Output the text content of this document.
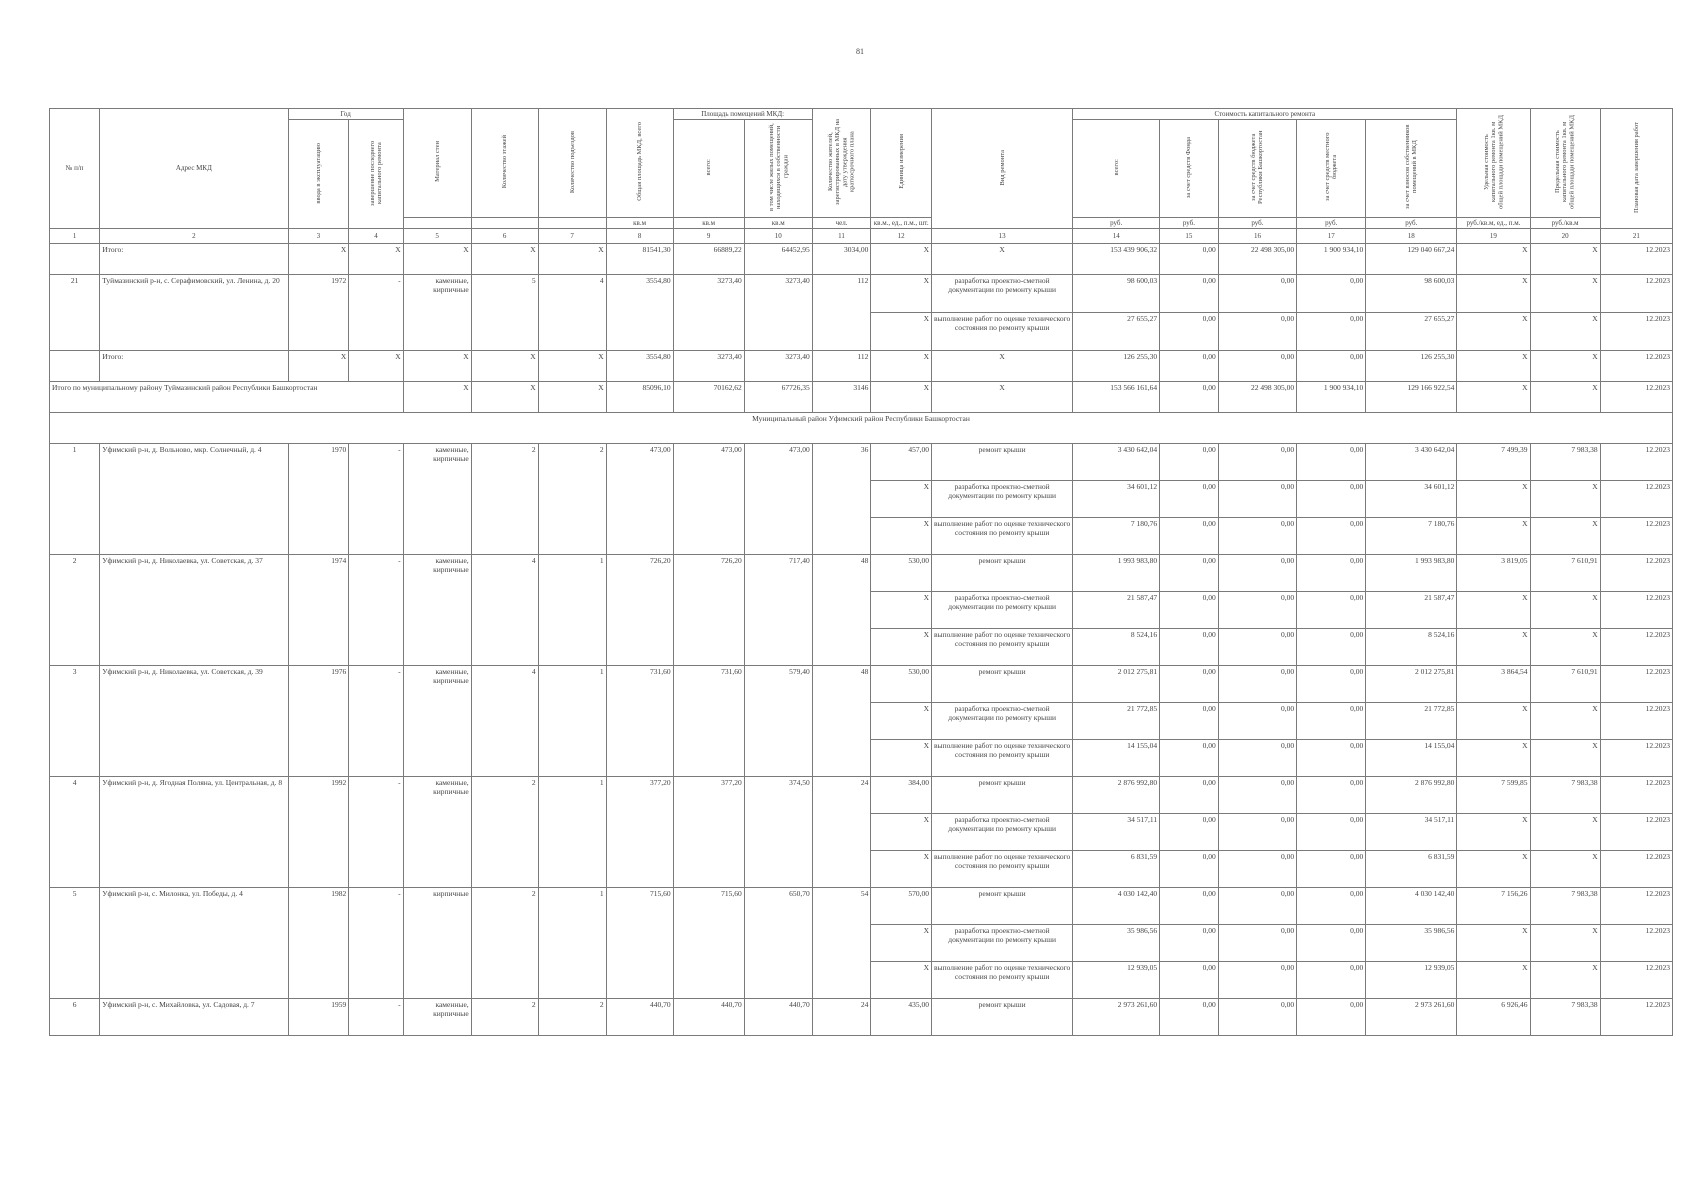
81
№ п/п	Адрес МКД	Год		Материал стен	Количество этажей	Количество подъездов	Общая площадь МКД, всего	Площадь помещений МКД:		Количество жителей, зарегистрированных в МКД на дату утверждения краткосрочного плана	Единица измерения	Вид ремонта	Стоимость капитального ремонта					Удельная стоимость капитального ремонта 1кв. м общей площади помещений МКД	Предельная стоимость капитального ремонта 1кв. м общей площади помещений МКД	Плановая дата завершения работ
		ввода в эксплуатацию	завершение последнего капитального ремонта					всего:	в том числе жилых помещений, находящихся в собственности граждан				всего:	за счет средств Фонда	за счет средств бюджета Республики Башкортостан	за счет средств местного бюджета	за счет взносов собственников помещений в МКД			
							кв.м	кв.м	кв.м	чел.	кв.м., ед., п.м., шт.		руб.	руб.	руб.	руб.	руб.	руб./кв.м, ед., п.м.	руб./кв.м	
1	2	3	4	5	6	7	8	9	10	11	12	13	14	15	16	17	18	19	20	21
	Итого:	X	X	X	X	X	81541,30	66889,22	64452,95	3034,00	X	X	153 439 906,32	0,00	22 498 305,00	1 900 934,10	129 040 667,24	X	X	12.2023
21	Туймазинский р-н, с. Серафимовский, ул. Ленина, д. 20	1972	-	каменные, кирпичные	5	4	3554,80	3273,40	3273,40	112	X	разработка проектно-сметной документации по ремонту крыши	98 600,03	0,00	0,00	0,00	98 600,03	X	X	12.2023
											X	выполнение работ по оценке технического состояния по ремонту крыши	27 655,27	0,00	0,00	0,00	27 655,27	X	X	12.2023
	Итого:	X	X	X	X	X	3554,80	3273,40	3273,40	112	X	X	126 255,30	0,00	0,00	0,00	126 255,30	X	X	12.2023
Итого по муниципальному району Туймазинский район Республики Башкортостан				X	X	X	85096,10	70162,62	67726,35	3146	X	X	153 566 161,64	0,00	22 498 305,00	1 900 934,10	129 166 922,54	X	X	12.2023
Муниципальный район Уфимский район Республики Башкортостан																				
1	Уфимский р-н, д. Вольново, мкр. Солнечный, д. 4	1970	-	каменные, кирпичные	2	2	473,00	473,00	473,00	36	457,00	ремонт крыши	3 430 642,04	0,00	0,00	0,00	3 430 642,04	7 499,39	7 983,38	12.2023
											X	разработка проектно-сметной документации по ремонту крыши	34 601,12	0,00	0,00	0,00	34 601,12	X	X	12.2023
											X	выполнение работ по оценке технического состояния по ремонту крыши	7 180,76	0,00	0,00	0,00	7 180,76	X	X	12.2023
2	Уфимский р-н, д. Николаевка, ул. Советская, д. 37	1974	-	каменные, кирпичные	4	1	726,20	726,20	717,40	48	530,00	ремонт крыши	1 993 983,80	0,00	0,00	0,00	1 993 983,80	3 819,05	7 610,91	12.2023
											X	разработка проектно-сметной документации по ремонту крыши	21 587,47	0,00	0,00	0,00	21 587,47	X	X	12.2023
											X	выполнение работ по оценке технического состояния по ремонту крыши	8 524,16	0,00	0,00	0,00	8 524,16	X	X	12.2023
3	Уфимский р-н, д. Николаевка, ул. Советская, д. 39	1976	-	каменные, кирпичные	4	1	731,60	731,60	579,40	48	530,00	ремонт крыши	2 012 275,81	0,00	0,00	0,00	2 012 275,81	3 864,54	7 610,91	12.2023
											X	разработка проектно-сметной документации по ремонту крыши	21 772,85	0,00	0,00	0,00	21 772,85	X	X	12.2023
											X	выполнение работ по оценке технического состояния по ремонту крыши	14 155,04	0,00	0,00	0,00	14 155,04	X	X	12.2023
4	Уфимский р-н, д. Ягодная Поляна, ул. Центральная, д. 8	1992	-	каменные, кирпичные	2	1	377,20	377,20	374,50	24	384,00	ремонт крыши	2 876 992,80	0,00	0,00	0,00	2 876 992,80	7 599,85	7 983,38	12.2023
											X	разработка проектно-сметной документации по ремонту крыши	34 517,11	0,00	0,00	0,00	34 517,11	X	X	12.2023
											X	выполнение работ по оценке технического состояния по ремонту крыши	6 831,59	0,00	0,00	0,00	6 831,59	X	X	12.2023
5	Уфимский р-н, с. Милонка, ул. Победы, д. 4	1982	-	кирпичные	2	1	715,60	715,60	650,70	54	570,00	ремонт крыши	4 030 142,40	0,00	0,00	0,00	4 030 142,40	7 156,26	7 983,38	12.2023
											X	разработка проектно-сметной документации по ремонту крыши	35 986,56	0,00	0,00	0,00	35 986,56	X	X	12.2023
											X	выполнение работ по оценке технического состояния по ремонту крыши	12 939,05	0,00	0,00	0,00	12 939,05	X	X	12.2023
6	Уфимский р-н, с. Михайловка, ул. Садовая, д. 7	1959	-	каменные, кирпичные	2	2	440,70	440,70	440,70	24	435,00	ремонт крыши	2 973 261,60	0,00	0,00	0,00	2 973 261,60	6 926,46	7 983,38	12.2023
